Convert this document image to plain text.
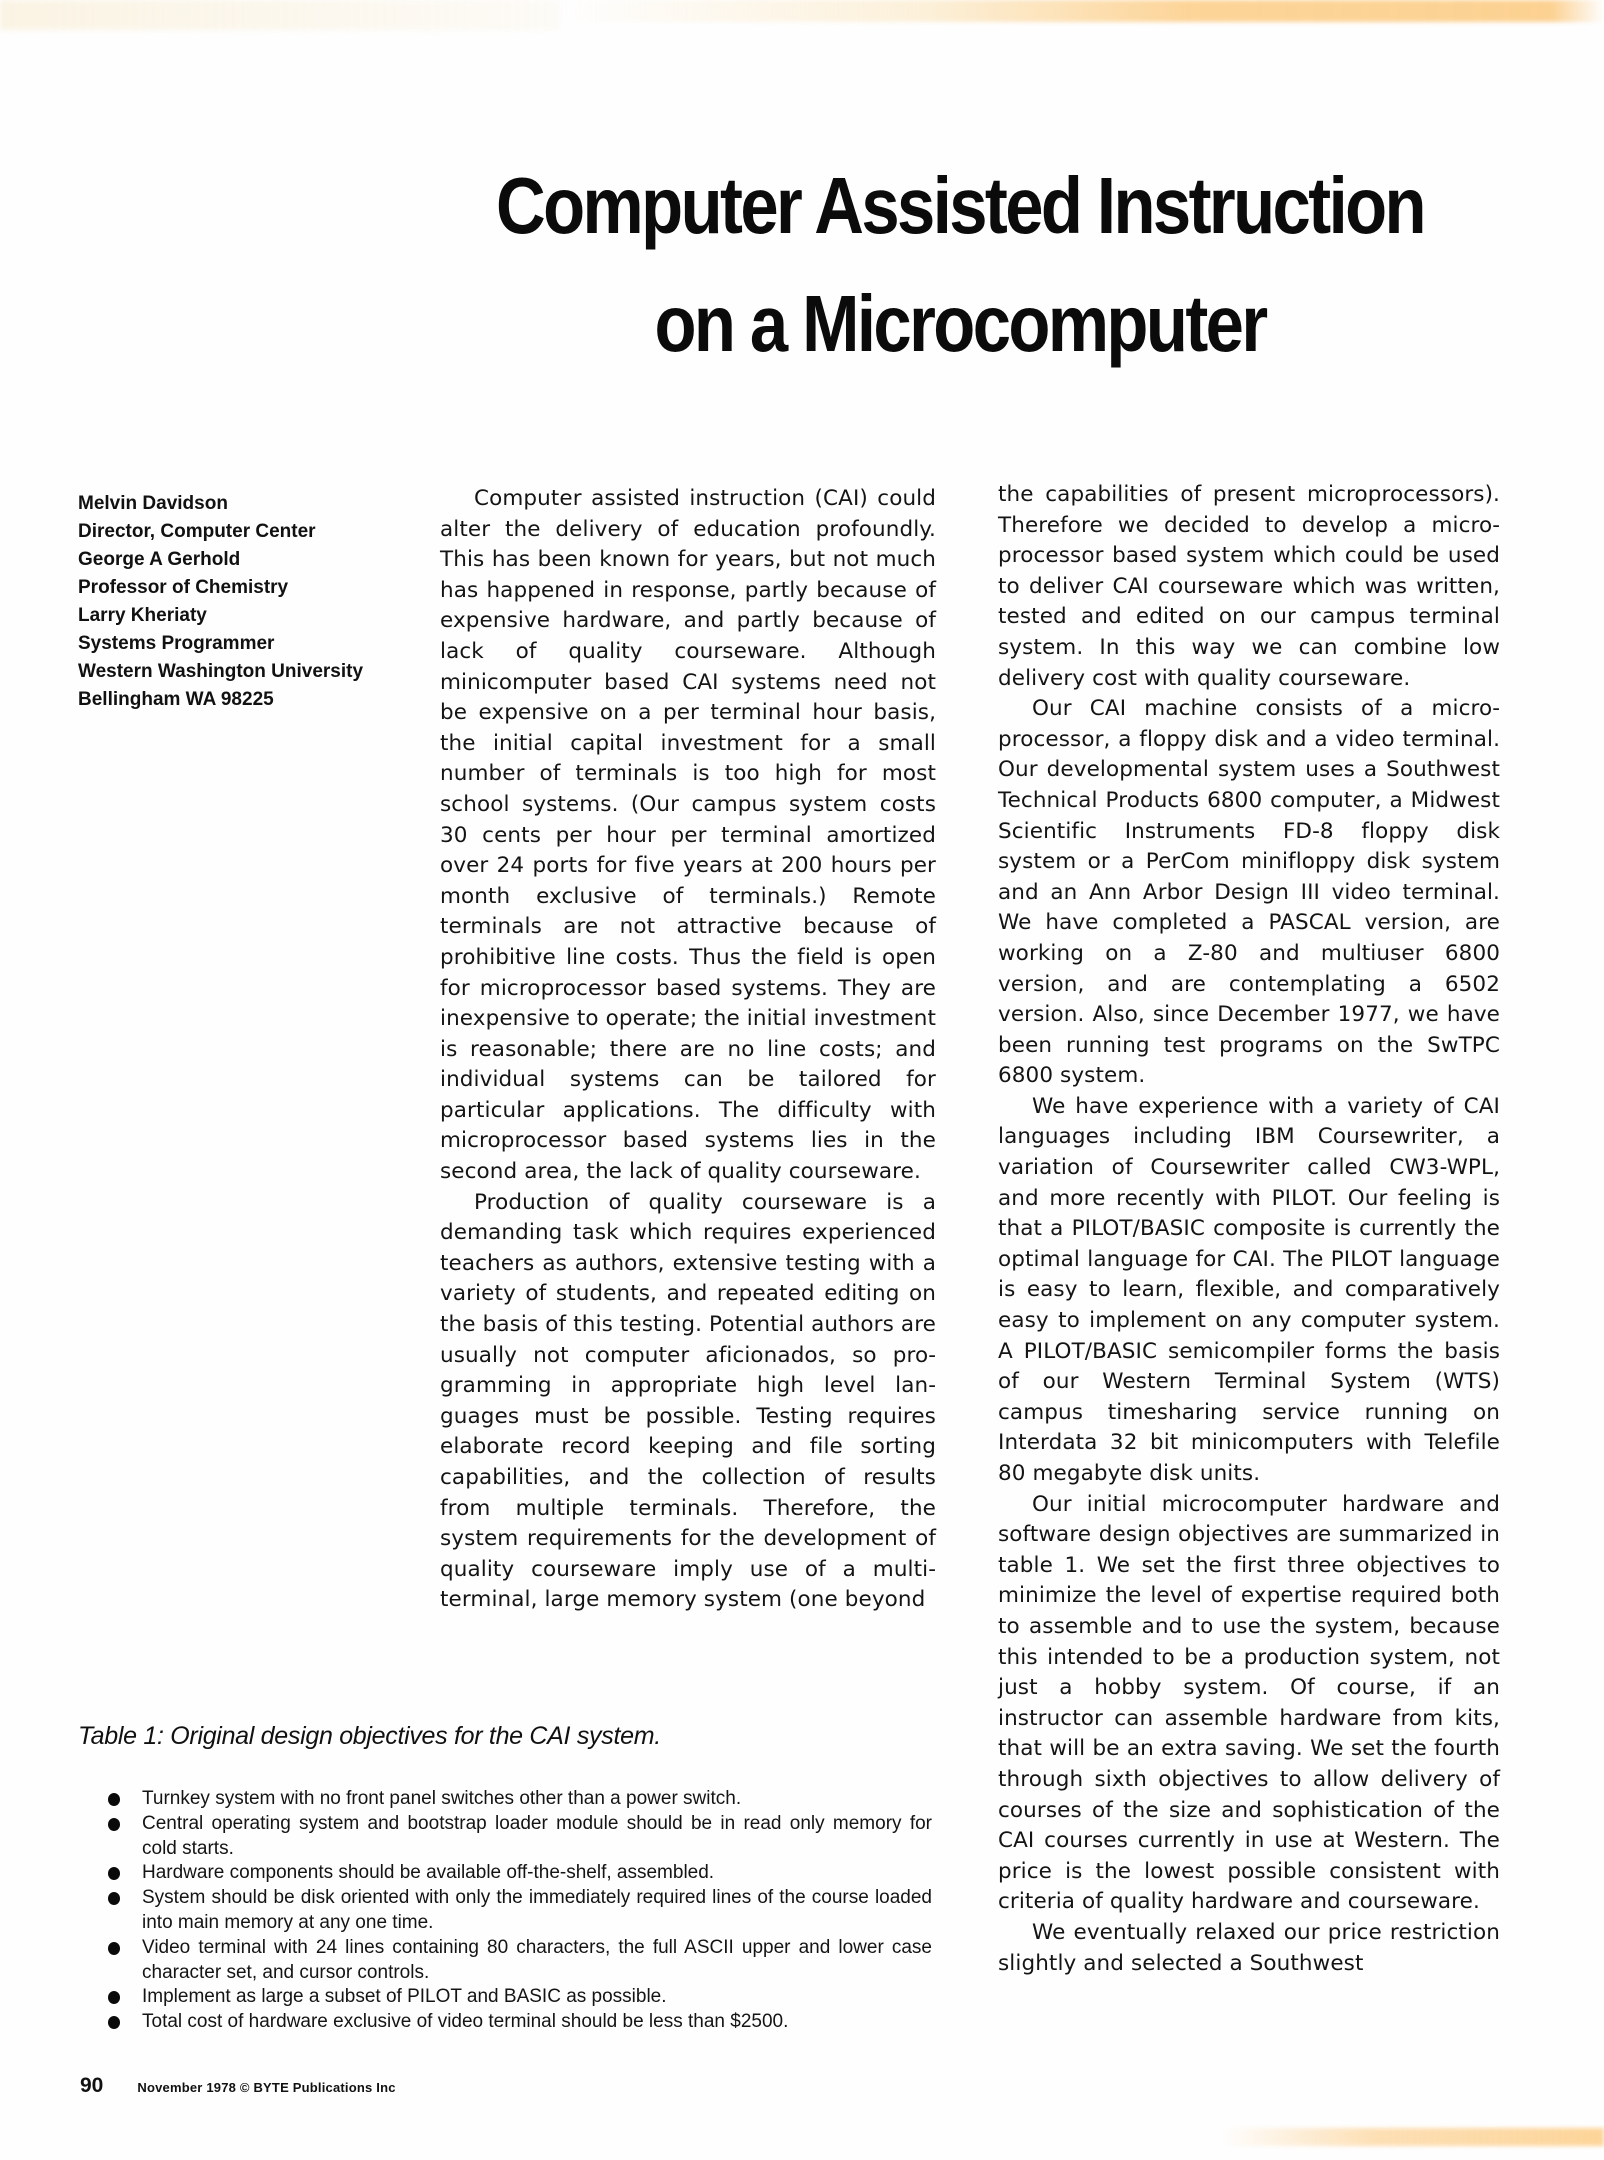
Computer Assisted Instruction
on a Microcomputer
Melvin Davidson
Director, Computer Center
George A Gerhold
Professor of Chemistry
Larry Kheriaty
Systems Programmer
Western Washington University
Bellingham WA 98225

Computer assisted instruction (CAI) could alter the delivery of education profoundly. This has been known for years, but not much has happened in response, partly because of expensive hardware, and partly because of lack of quality courseware. Although minicomputer based CAI systems need not be expensive on a per terminal hour basis, the initial capital investment for a small number of terminals is too high for most school systems. (Our campus system costs 30 cents per hour per terminal amortized over 24 ports for five years at 200 hours per month exclusive of terminals.) Remote terminals are not attractive because of prohibitive line costs. Thus the field is open for microprocessor based systems. They are inexpensive to operate; the initial investment is reasonable; there are no line costs; and individual systems can be tailored for particular applications. The difficulty with microprocessor based systems lies in the second area, the lack of quality courseware.

Production of quality courseware is a demanding task which requires experienced teachers as authors, extensive testing with a variety of students, and repeated editing on the basis of this testing. Potential authors are usually not computer aficionados, so programming in appropriate high level languages must be possible. Testing requires elaborate record keeping and file sorting capabilities, and the collection of results from multiple terminals. Therefore, the system requirements for the development of quality courseware imply use of a multiterminal, large memory system (one beyond

the capabilities of present microprocessors). Therefore we decided to develop a microprocessor based system which could be used to deliver CAI courseware which was written, tested and edited on our campus terminal system. In this way we can combine low delivery cost with quality courseware.

Our CAI machine consists of a microprocessor, a floppy disk and a video terminal. Our developmental system uses a Southwest Technical Products 6800 computer, a Midwest Scientific Instruments FD-8 floppy disk system or a PerCom minifloppy disk system and an Ann Arbor Design III video terminal. We have completed a PASCAL version, are working on a Z-80 and multiuser 6800 version, and are contemplating a 6502 version. Also, since December 1977, we have been running test programs on the SwTPC 6800 system.

We have experience with a variety of CAI languages including IBM Coursewriter, a variation of Coursewriter called CW3-WPL, and more recently with PILOT. Our feeling is that a PILOT/BASIC composite is currently the optimal language for CAI. The PILOT language is easy to learn, flexible, and comparatively easy to implement on any computer system. A PILOT/BASIC semicompiler forms the basis of our Western Terminal System (WTS) campus timesharing service running on Interdata 32 bit minicomputers with Telefile 80 megabyte disk units.

Our initial microcomputer hardware and software design objectives are summarized in table 1. We set the first three objectives to minimize the level of expertise required both to assemble and to use the system, because this intended to be a production system, not just a hobby system. Of course, if an instructor can assemble hardware from kits, that will be an extra saving. We set the fourth through sixth objectives to allow delivery of courses of the size and sophistication of the CAI courses currently in use at Western. The price is the lowest possible consistent with criteria of quality hardware and courseware.

We eventually relaxed our price restriction slightly and selected a Southwest

Table 1: Original design objectives for the CAI system.
Turnkey system with no front panel switches other than a power switch.
Central operating system and bootstrap loader module should be in read only memory for cold starts.
Hardware components should be available off-the-shelf, assembled.
System should be disk oriented with only the immediately required lines of the course loaded into main memory at any one time.
Video terminal with 24 lines containing 80 characters, the full ASCII upper and lower case character set, and cursor controls.
Implement as large a subset of PILOT and BASIC as possible.
Total cost of hardware exclusive of video terminal should be less than $2500.
90	November 1978 © BYTE Publications Inc
